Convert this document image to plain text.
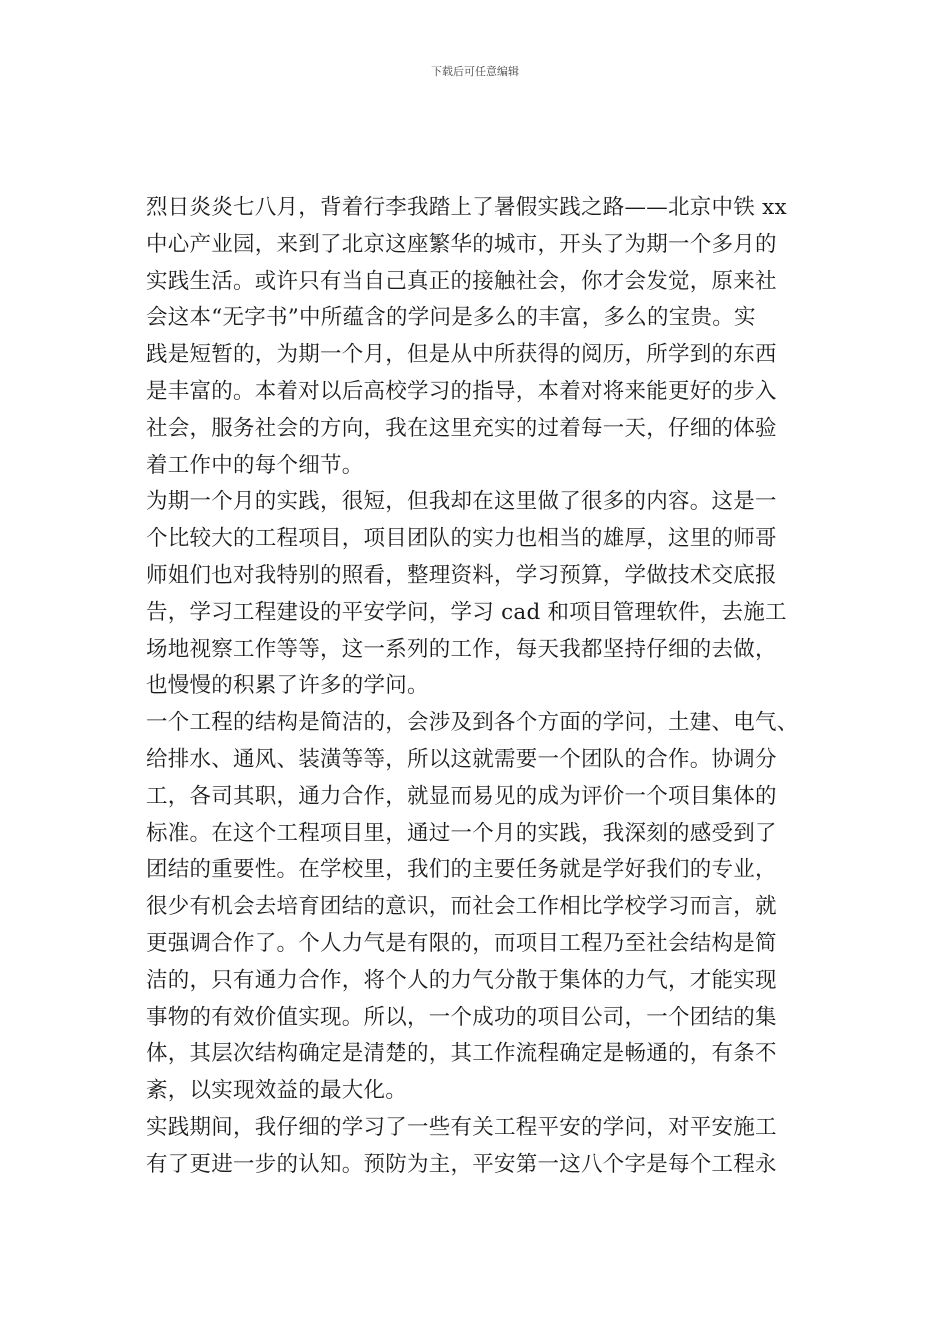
下载后可任意编辑
烈日炎炎七八月，背着行李我踏上了暑假实践之路——北京中铁 xx
中心产业园，来到了北京这座繁华的城市，开头了为期一个多月的
实践生活。或许只有当自己真正的接触社会，你才会发觉，原来社
会这本“无字书”中所蕴含的学问是多么的丰富，多么的宝贵。实
践是短暂的，为期一个月，但是从中所获得的阅历，所学到的东西
是丰富的。本着对以后高校学习的指导，本着对将来能更好的步入
社会，服务社会的方向，我在这里充实的过着每一天，仔细的体验
着工作中的每个细节。
为期一个月的实践，很短，但我却在这里做了很多的内容。这是一
个比较大的工程项目，项目团队的实力也相当的雄厚，这里的师哥
师姐们也对我特别的照看，整理资料，学习预算，学做技术交底报
告，学习工程建设的平安学问，学习 cad 和项目管理软件，去施工
场地视察工作等等，这一系列的工作，每天我都坚持仔细的去做，
也慢慢的积累了许多的学问。
一个工程的结构是简洁的，会涉及到各个方面的学问，土建、电气、
给排水、通风、装潢等等，所以这就需要一个团队的合作。协调分
工，各司其职，通力合作，就显而易见的成为评价一个项目集体的
标准。在这个工程项目里，通过一个月的实践，我深刻的感受到了
团结的重要性。在学校里，我们的主要任务就是学好我们的专业，
很少有机会去培育团结的意识，而社会工作相比学校学习而言，就
更强调合作了。个人力气是有限的，而项目工程乃至社会结构是简
洁的，只有通力合作，将个人的力气分散于集体的力气，才能实现
事物的有效价值实现。所以，一个成功的项目公司，一个团结的集
体，其层次结构确定是清楚的，其工作流程确定是畅通的，有条不
紊，以实现效益的最大化。
实践期间，我仔细的学习了一些有关工程平安的学问，对平安施工
有了更进一步的认知。预防为主，平安第一这八个字是每个工程永
